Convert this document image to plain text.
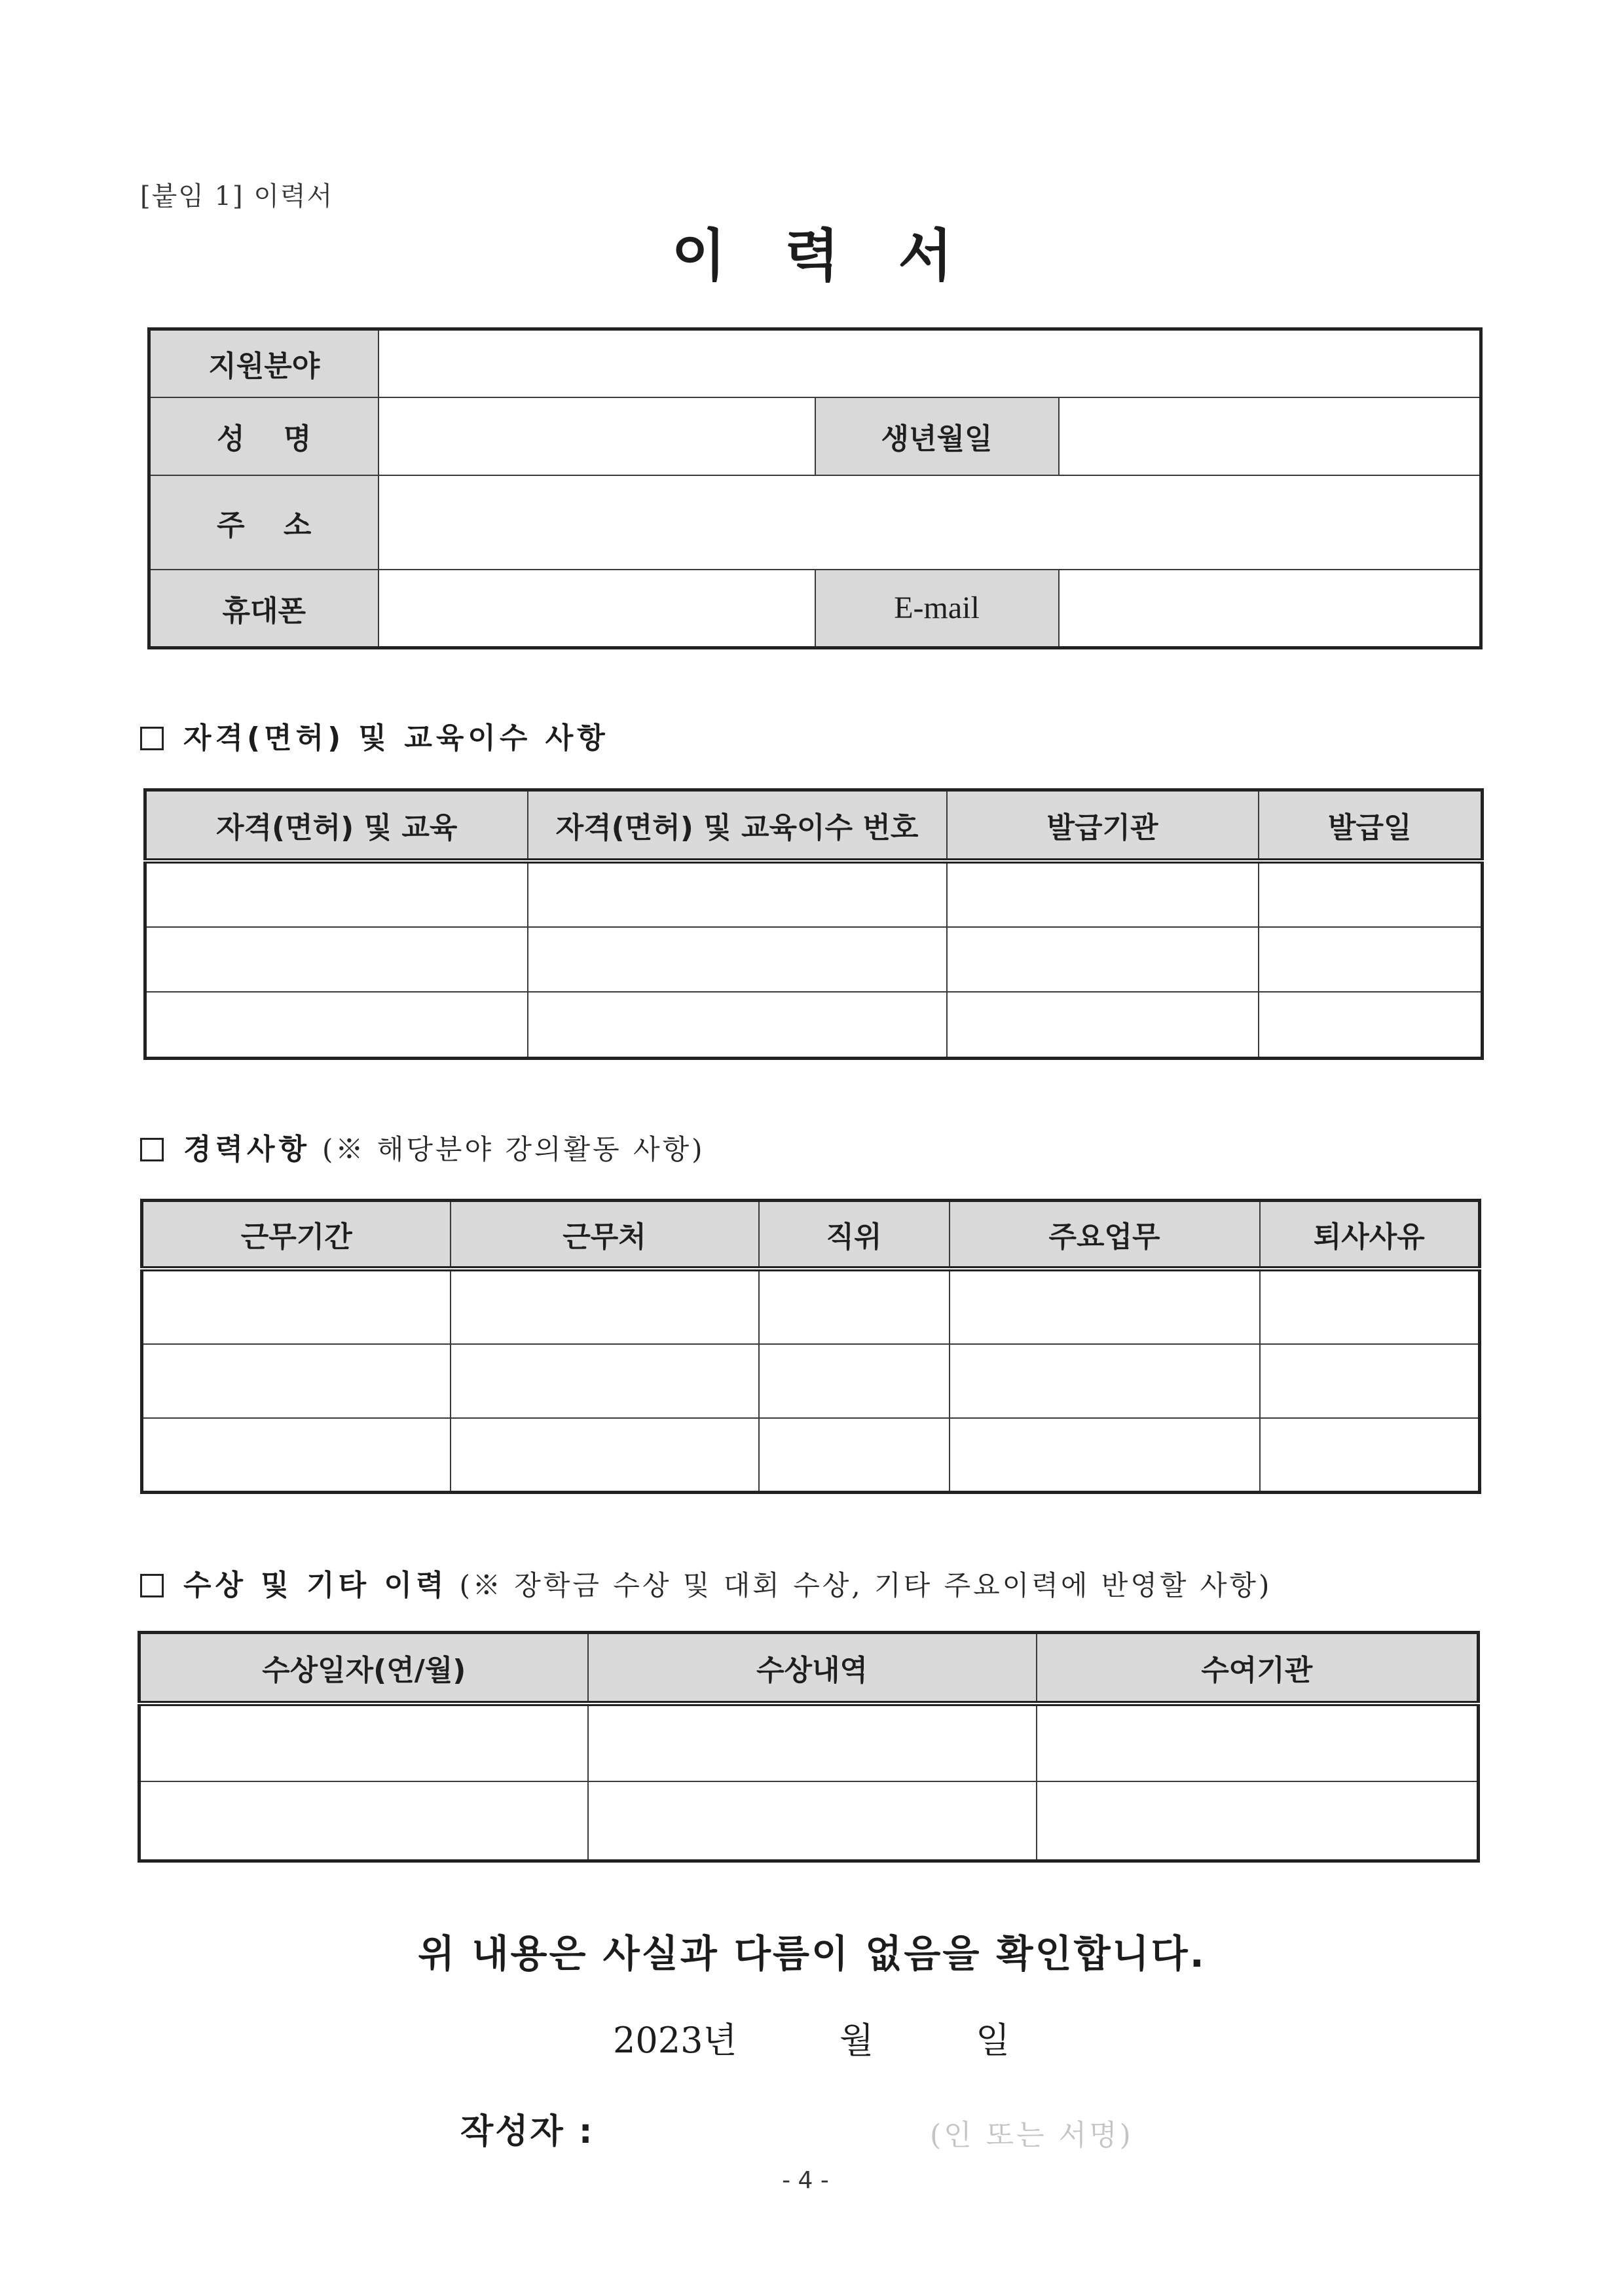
[붙임 1] 이력서
이 력 서
지원분야			
성 명		생년월일	
주 소			
휴대폰		E-mail	
자격(면허) 및 교육이수 사항
자격(면허) 및 교육	자격(면허) 및 교육이수 번호	발급기관	발급일

경력사항 (※ 해당분야 강의활동 사항)
근무기간	근무처	직위	주요업무	퇴사사유

수상 및 기타 이력 (※ 장학금 수상 및 대회 수상, 기타 주요이력에 반영할 사항)
수상일자(연/월)	수상내역	수여기관

위 내용은 사실과 다름이 없음을 확인합니다.
2023년	월	일
작성자 :	(인 또는 서명)
- 4 -
